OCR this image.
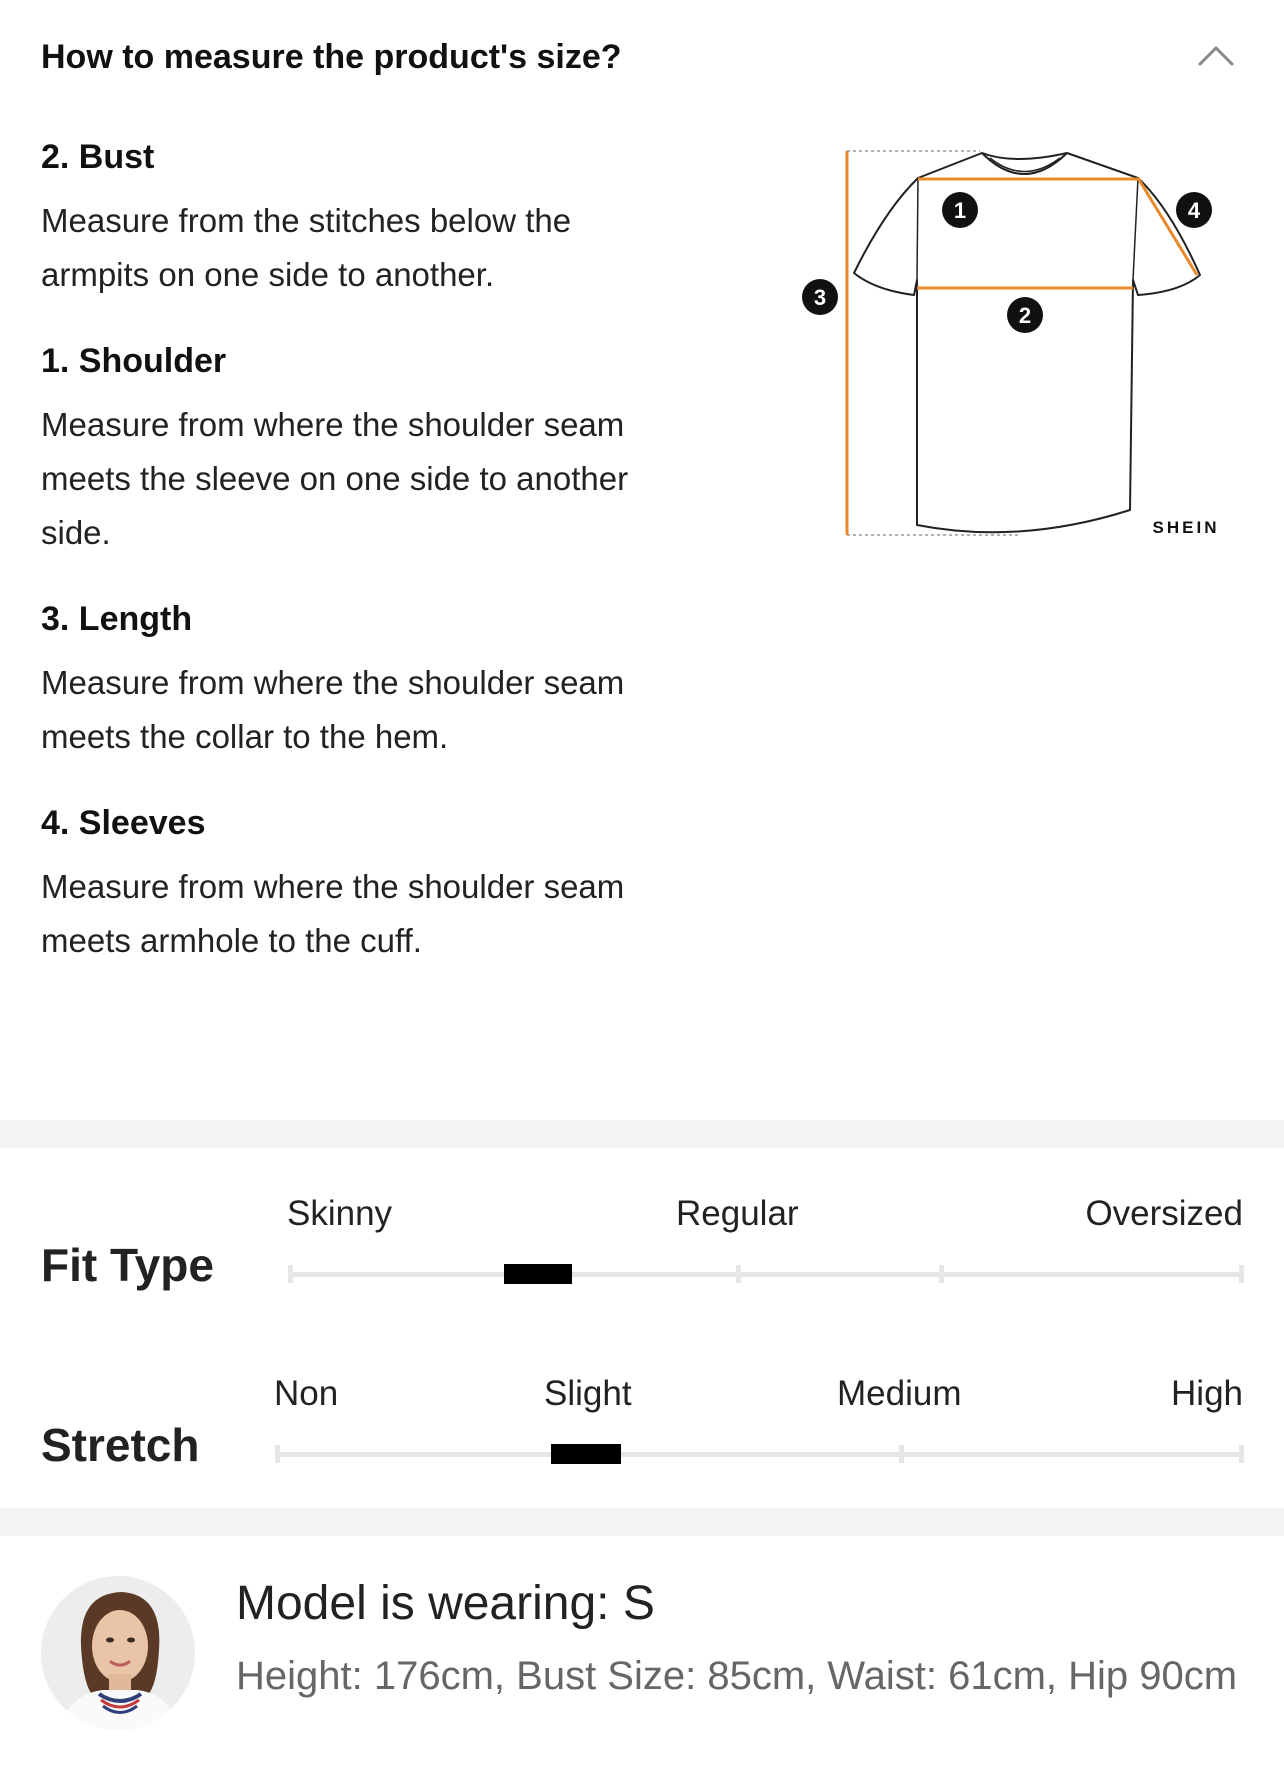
How to measure the product's size?
2. Bust
Measure from the stitches below the armpits on one side to another.
1. Shoulder
Measure from where the shoulder seam meets the sleeve on one side to another side.
3. Length
Measure from where the shoulder seam meets the collar to the hem.
4. Sleeves
Measure from where the shoulder seam meets armhole to the cuff.
1
2
3
4
SHEIN
Fit Type
Skinny	Regular	Oversized
Stretch
Non	Slight	Medium	High
Model is wearing: S
Height: 176cm, Bust Size: 85cm, Waist: 61cm, Hip 90cm
